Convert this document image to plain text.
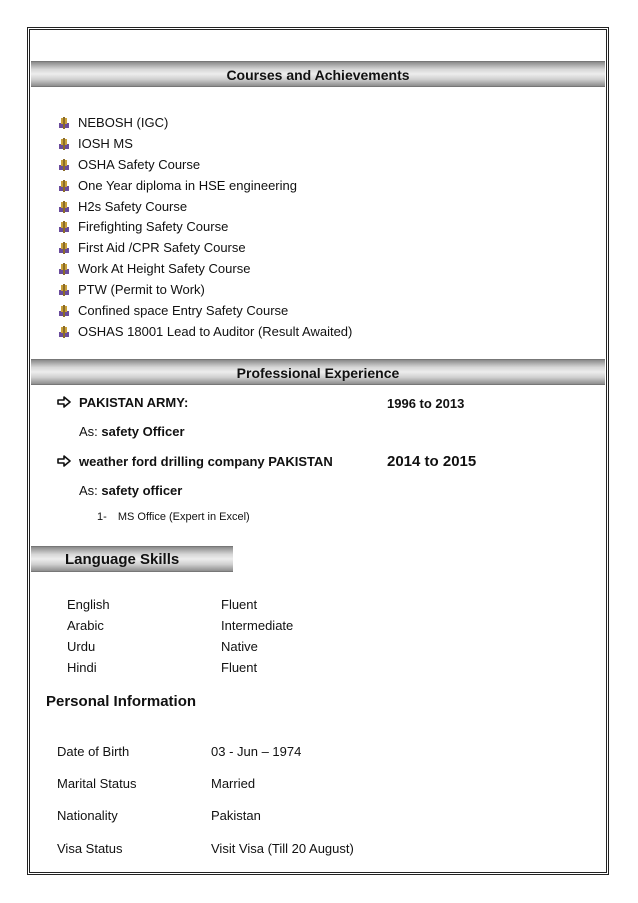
Courses and Achievements
NEBOSH (IGC)
IOSH MS
OSHA Safety Course
One Year diploma in HSE engineering
H2s Safety Course
Firefighting Safety Course
First Aid /CPR Safety Course
Work At Height Safety Course
PTW (Permit to Work)
Confined space Entry Safety Course
OSHAS 18001 Lead to Auditor (Result Awaited)
Professional Experience
PAKISTAN ARMY:	1996 to 2013
As: safety Officer
weather ford drilling company PAKISTAN	2014 to 2015
As: safety officer
1- MS Office (Expert in Excel)
Language Skills
English	Fluent
Arabic	Intermediate
Urdu	Native
Hindi	Fluent
Personal Information
Date of Birth	03 - Jun – 1974
Marital Status	Married
Nationality	Pakistan
Visa Status	Visit Visa (Till 20 August)
